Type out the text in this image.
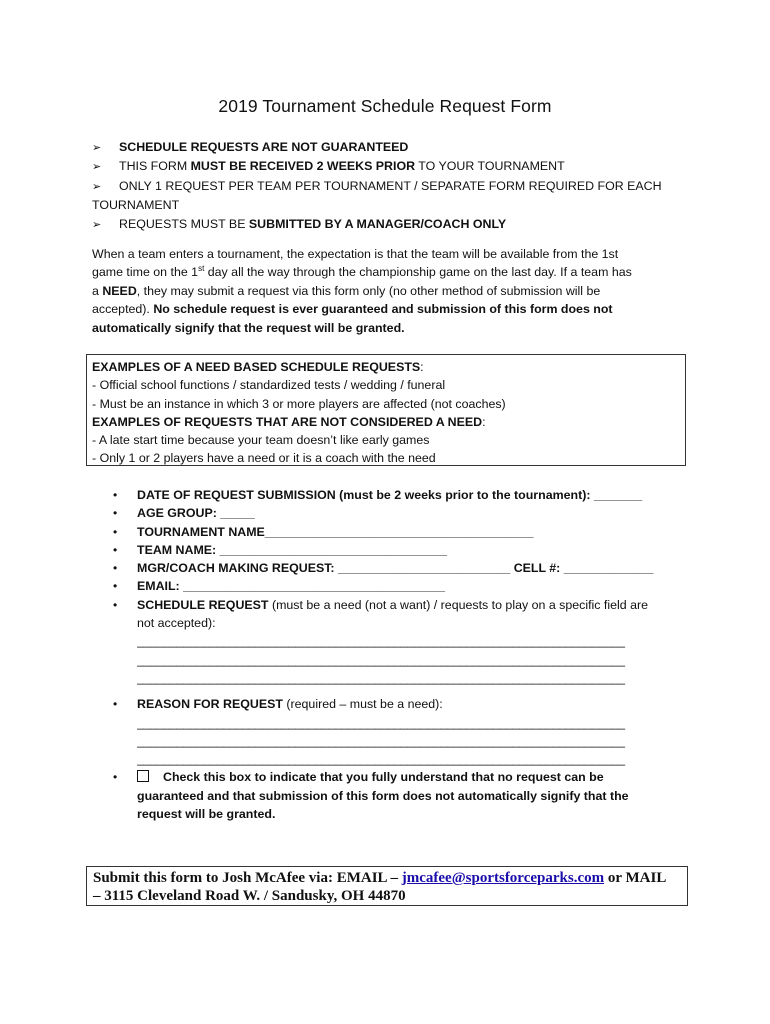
2019 Tournament Schedule Request Form
➢ SCHEDULE REQUESTS ARE NOT GUARANTEED
➢ THIS FORM MUST BE RECEIVED 2 WEEKS PRIOR TO YOUR TOURNAMENT
➢ ONLY 1 REQUEST PER TEAM PER TOURNAMENT / SEPARATE FORM REQUIRED FOR EACH
TOURNAMENT
➢ REQUESTS MUST BE SUBMITTED BY A MANAGER/COACH ONLY
When a team enters a tournament, the expectation is that the team will be available from the 1st
game time on the 1st day all the way through the championship game on the last day. If a team has
a NEED, they may submit a request via this form only (no other method of submission will be
accepted). No schedule request is ever guaranteed and submission of this form does not
automatically signify that the request will be granted.
EXAMPLES OF A NEED BASED SCHEDULE REQUESTS:
- Official school functions / standardized tests / wedding / funeral
- Must be an instance in which 3 or more players are affected (not coaches)
EXAMPLES OF REQUESTS THAT ARE NOT CONSIDERED A NEED:
- A late start time because your team doesn’t like early games
- Only 1 or 2 players have a need or it is a coach with the need
• DATE OF REQUEST SUBMISSION (must be 2 weeks prior to the tournament): _______
• AGE GROUP: _____
• TOURNAMENT NAME_______________________________________
• TEAM NAME: _________________________________
• MGR/COACH MAKING REQUEST: _________________________ CELL #: _____________
• EMAIL: ______________________________________
• SCHEDULE REQUEST (must be a need (not a want) / requests to play on a specific field are
not accepted):
__________________________________________________________________________
__________________________________________________________________________
__________________________________________________________________________
• REASON FOR REQUEST (required – must be a need):
__________________________________________________________________________
__________________________________________________________________________
__________________________________________________________________________
•	Check this box to indicate that you fully understand that no request can be
guaranteed and that submission of this form does not automatically signify that the
request will be granted.
Submit this form to Josh McAfee via: EMAIL – jmcafee@sportsforceparks.com or MAIL
– 3115 Cleveland Road W. / Sandusky, OH 44870
